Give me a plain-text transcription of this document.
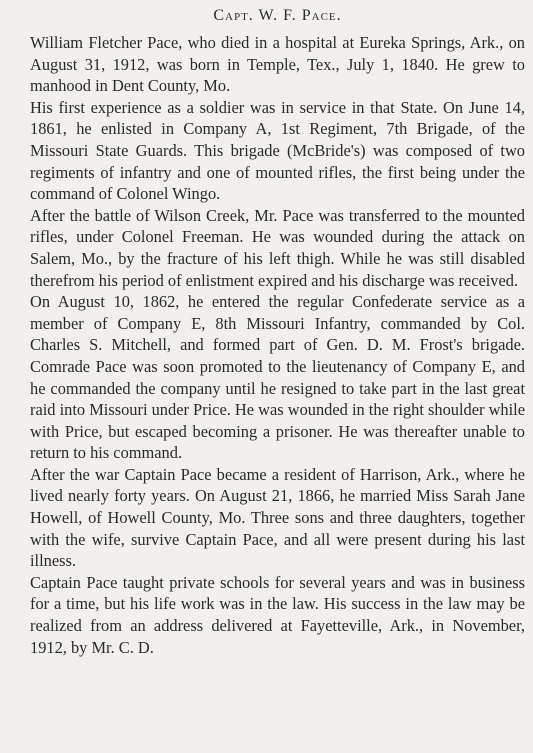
Capt. W. F. Pace.

William Fletcher Pace, who died in a hospital at Eureka Springs, Ark., on August 31, 1912, was born in Temple, Tex., July 1, 1840. He grew to manhood in Dent County, Mo.

His first experience as a soldier was in service in that State. On June 14, 1861, he enlisted in Company A, 1st Regiment, 7th Brigade, of the Missouri State Guards. This brigade (McBride's) was composed of two regiments of infantry and one of mounted rifles, the first being under the command of Colonel Wingo.

After the battle of Wilson Creek, Mr. Pace was transferred to the mounted rifles, under Colonel Freeman. He was wounded during the attack on Salem, Mo., by the fracture of his left thigh. While he was still disabled therefrom his period of enlistment expired and his discharge was received.

On August 10, 1862, he entered the regular Confederate service as a member of Company E, 8th Missouri Infantry, commanded by Col. Charles S. Mitchell, and formed part of Gen. D. M. Frost's brigade. Comrade Pace was soon promoted to the lieutenancy of Company E, and he commanded the company until he resigned to take part in the last great raid into Missouri under Price. He was wounded in the right shoulder while with Price, but escaped becoming a prisoner. He was thereafter unable to return to his command.

After the war Captain Pace became a resident of Harrison, Ark., where he lived nearly forty years. On August 21, 1866, he married Miss Sarah Jane Howell, of Howell County, Mo. Three sons and three daughters, together with the wife, survive Captain Pace, and all were present during his last illness.

Captain Pace taught private schools for several years and was in business for a time, but his life work was in the law. His success in the law may be realized from an address delivered at Fayetteville, Ark., in November, 1912, by Mr. C. D.
